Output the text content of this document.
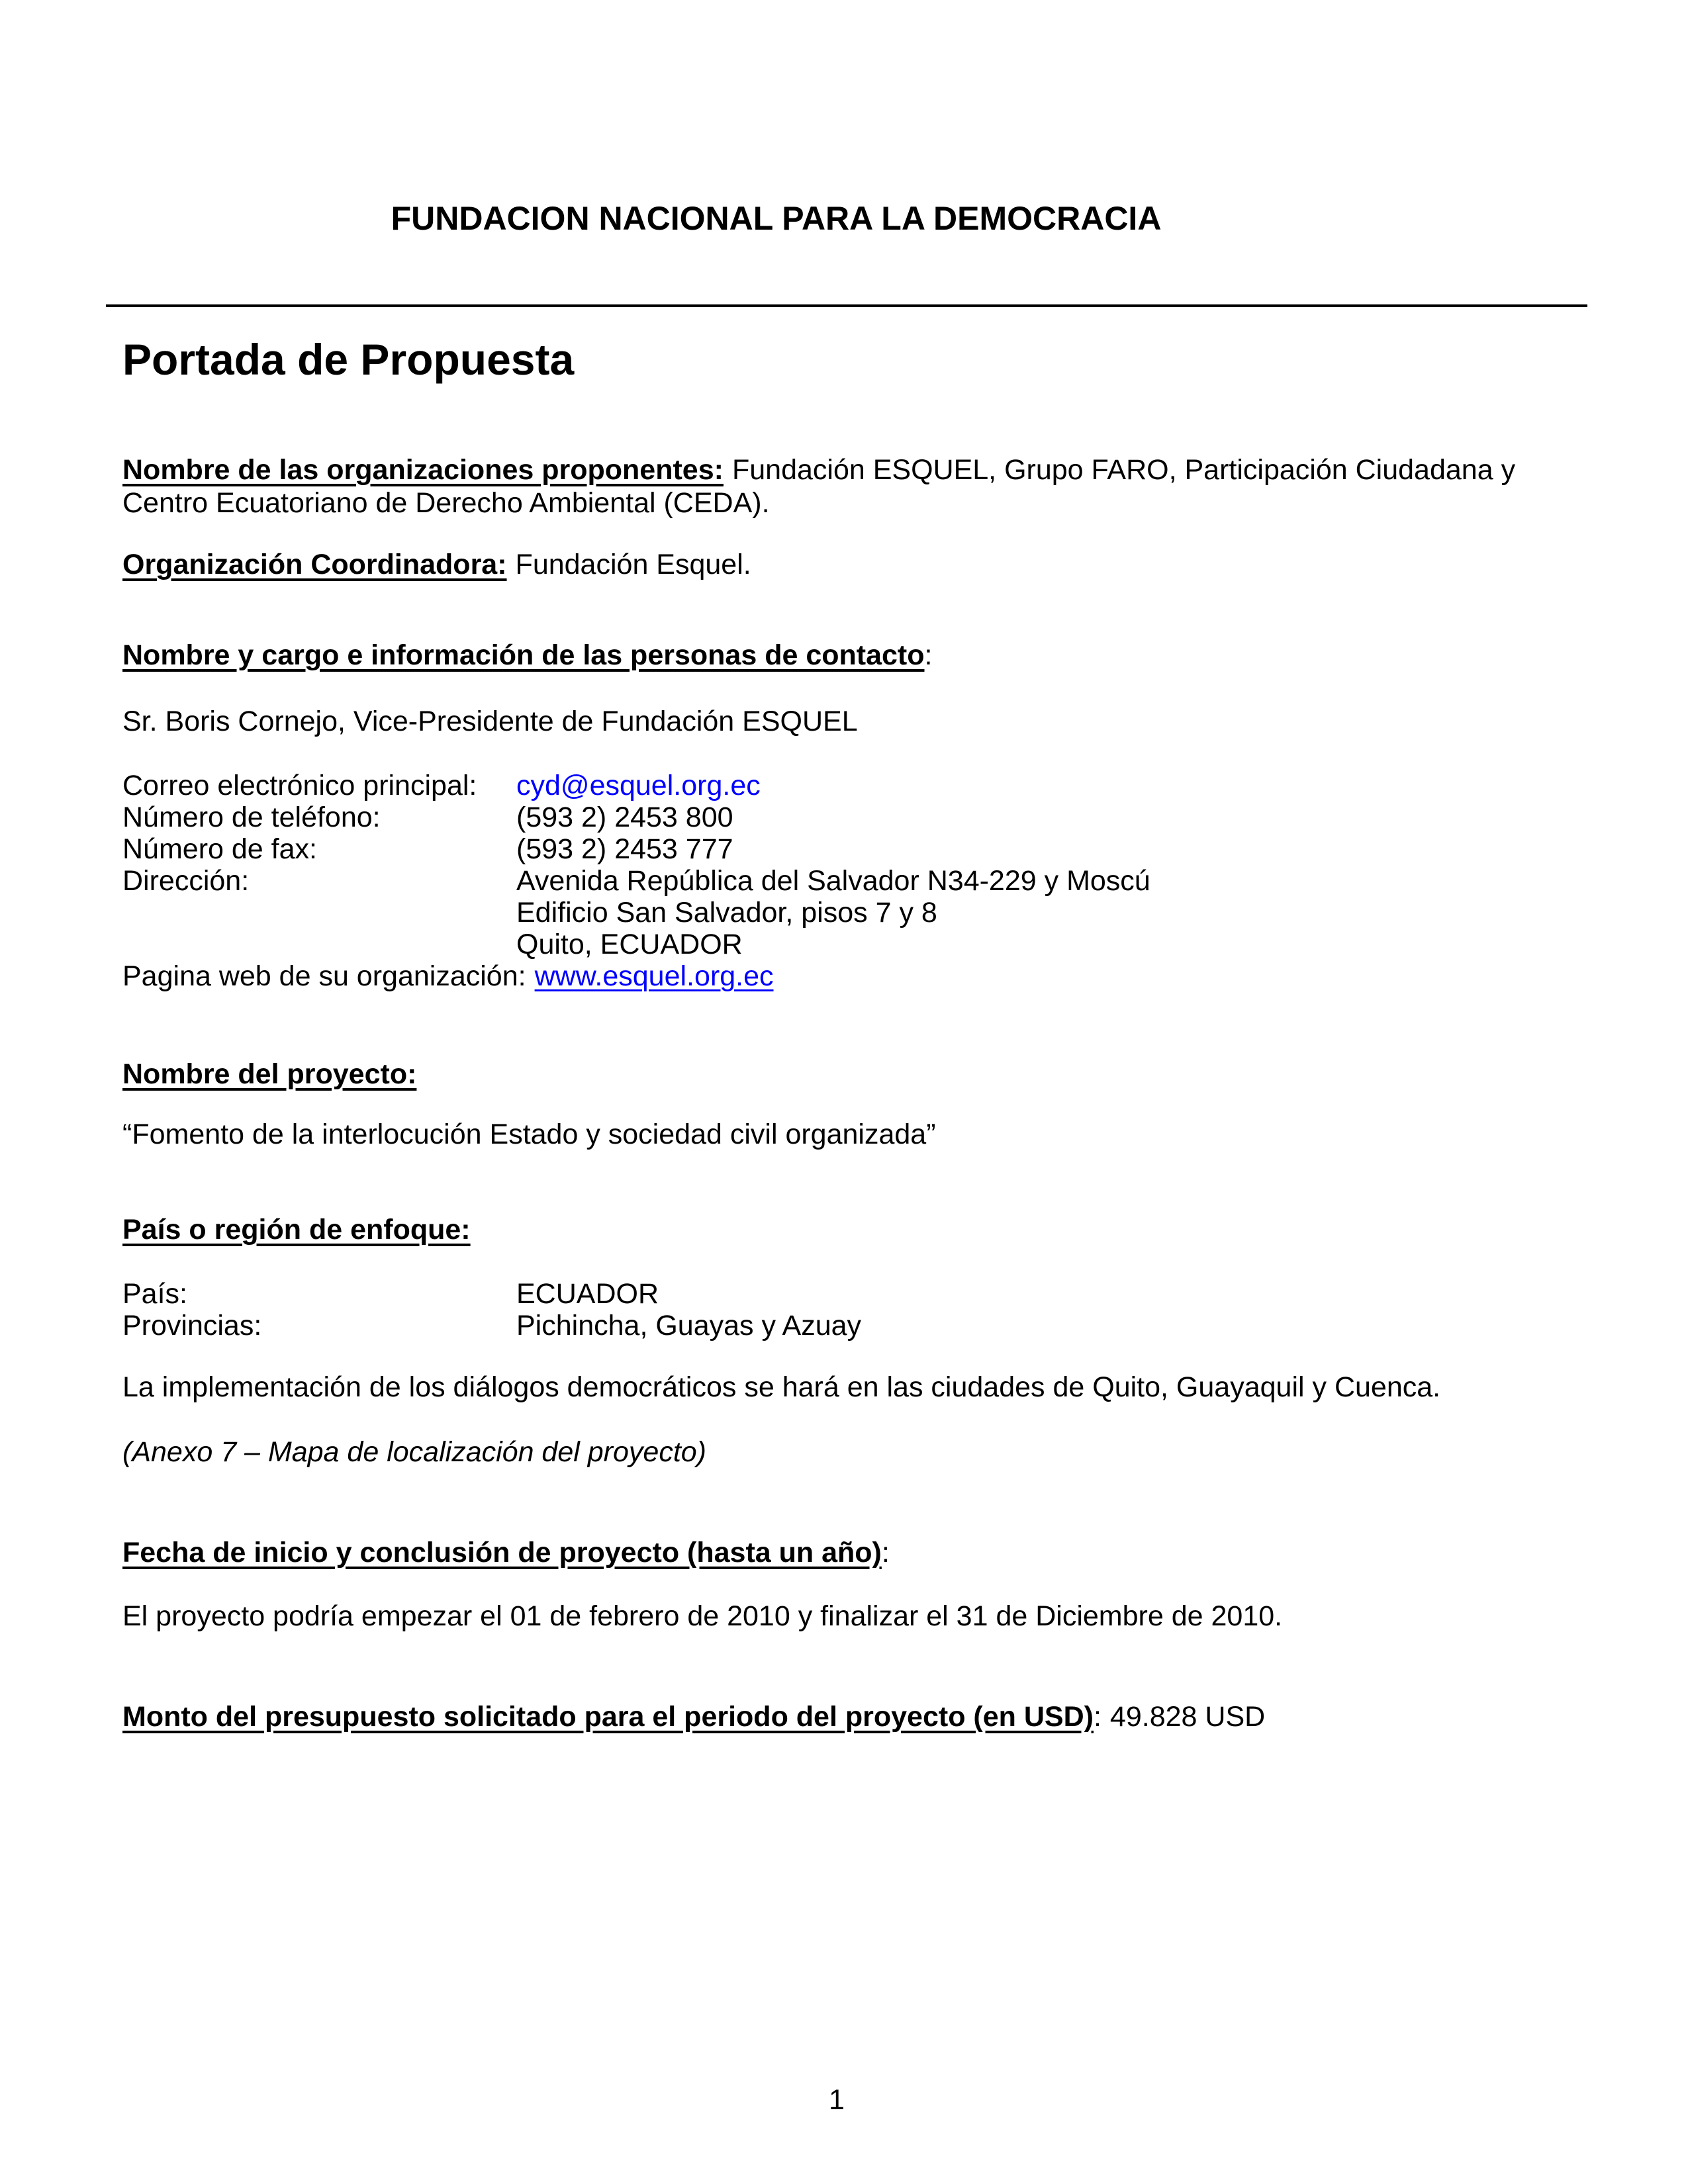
FUNDACION NACIONAL PARA LA DEMOCRACIA
Portada de Propuesta

Nombre de las organizaciones proponentes: Fundación ESQUEL, Grupo FARO, Participación Ciudadana y Centro Ecuatoriano de Derecho Ambiental (CEDA).

Organización Coordinadora: Fundación Esquel.

Nombre y cargo e información de las personas de contacto:

Sr. Boris Cornejo, Vice-Presidente de Fundación ESQUEL

Correo electrónico principal:	cyd@esquel.org.ec
Número de teléfono:	(593 2) 2453 800
Número de fax:	(593 2) 2453 777
Dirección:	Avenida República del Salvador N34-229 y Moscú
Edificio San Salvador, pisos 7 y 8
Quito, ECUADOR
Pagina web de su organización: www.esquel.org.ec

Nombre del proyecto:

“Fomento de la interlocución Estado y sociedad civil organizada”

País o región de enfoque:

País:	ECUADOR
Provincias:	Pichincha, Guayas y Azuay

La implementación de los diálogos democráticos se hará en las ciudades de Quito, Guayaquil y Cuenca.

(Anexo 7 – Mapa de localización del proyecto)

Fecha de inicio y conclusión de proyecto (hasta un año):

El proyecto podría empezar el 01 de febrero de 2010 y finalizar el 31 de Diciembre de 2010.

Monto del presupuesto solicitado para el periodo del proyecto (en USD): 49.828 USD

1
